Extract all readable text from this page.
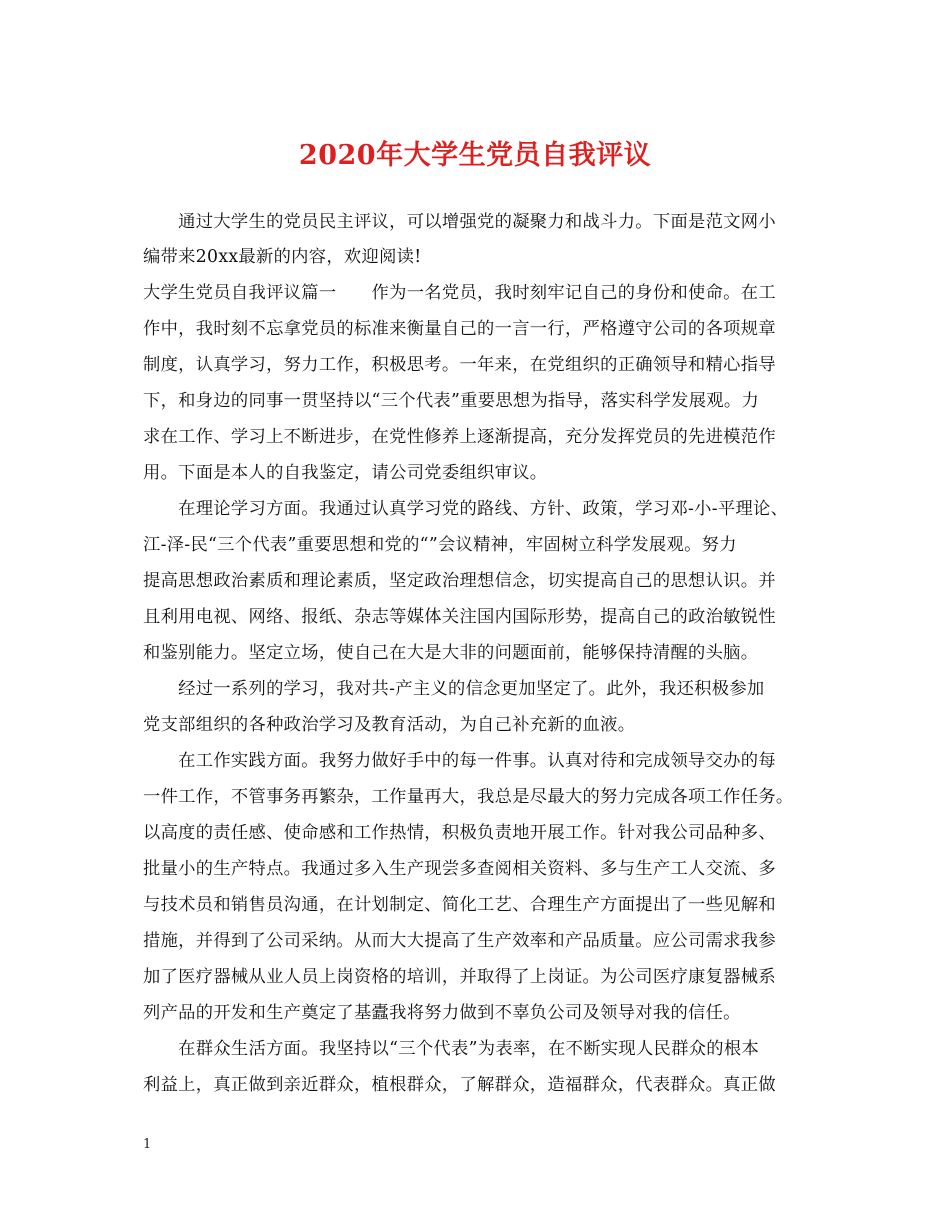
2020年大学生党员自我评议
　　通过大学生的党员民主评议，可以增强党的凝聚力和战斗力。下面是范文网小
编带来20xx最新的内容，欢迎阅读!
大学生党员自我评议篇一　　作为一名党员，我时刻牢记自己的身份和使命。在工
作中，我时刻不忘拿党员的标准来衡量自己的一言一行，严格遵守公司的各项规章
制度，认真学习，努力工作，积极思考。一年来，在党组织的正确领导和精心指导
下，和身边的同事一贯坚持以“三个代表”重要思想为指导，落实科学发展观。力
求在工作、学习上不断进步，在党性修养上逐渐提高，充分发挥党员的先进模范作
用。下面是本人的自我鉴定，请公司党委组织审议。
　　在理论学习方面。我通过认真学习党的路线、方针、政策，学习邓-小-平理论、
江-泽-民“三个代表”重要思想和党的“”会议精神，牢固树立科学发展观。努力
提高思想政治素质和理论素质，坚定政治理想信念，切实提高自己的思想认识。并
且利用电视、网络、报纸、杂志等媒体关注国内国际形势，提高自己的政治敏锐性
和鉴别能力。坚定立场，使自己在大是大非的问题面前，能够保持清醒的头脑。
　　经过一系列的学习，我对共-产主义的信念更加坚定了。此外，我还积极参加
党支部组织的各种政治学习及教育活动，为自己补充新的血液。
　　在工作实践方面。我努力做好手中的每一件事。认真对待和完成领导交办的每
一件工作，不管事务再繁杂，工作量再大，我总是尽最大的努力完成各项工作任务。
以高度的责任感、使命感和工作热情，积极负责地开展工作。针对我公司品种多、
批量小的生产特点。我通过多入生产现尝多查阅相关资料、多与生产工人交流、多
与技术员和销售员沟通，在计划制定、简化工艺、合理生产方面提出了一些见解和
措施，并得到了公司采纳。从而大大提高了生产效率和产品质量。应公司需求我参
加了医疗器械从业人员上岗资格的培训，并取得了上岗证。为公司医疗康复器械系
列产品的开发和生产奠定了基蠹我将努力做到不辜负公司及领导对我的信任。
　　在群众生活方面。我坚持以“三个代表”为表率，在不断实现人民群众的根本
利益上，真正做到亲近群众，植根群众，了解群众，造福群众，代表群众。真正做
1
